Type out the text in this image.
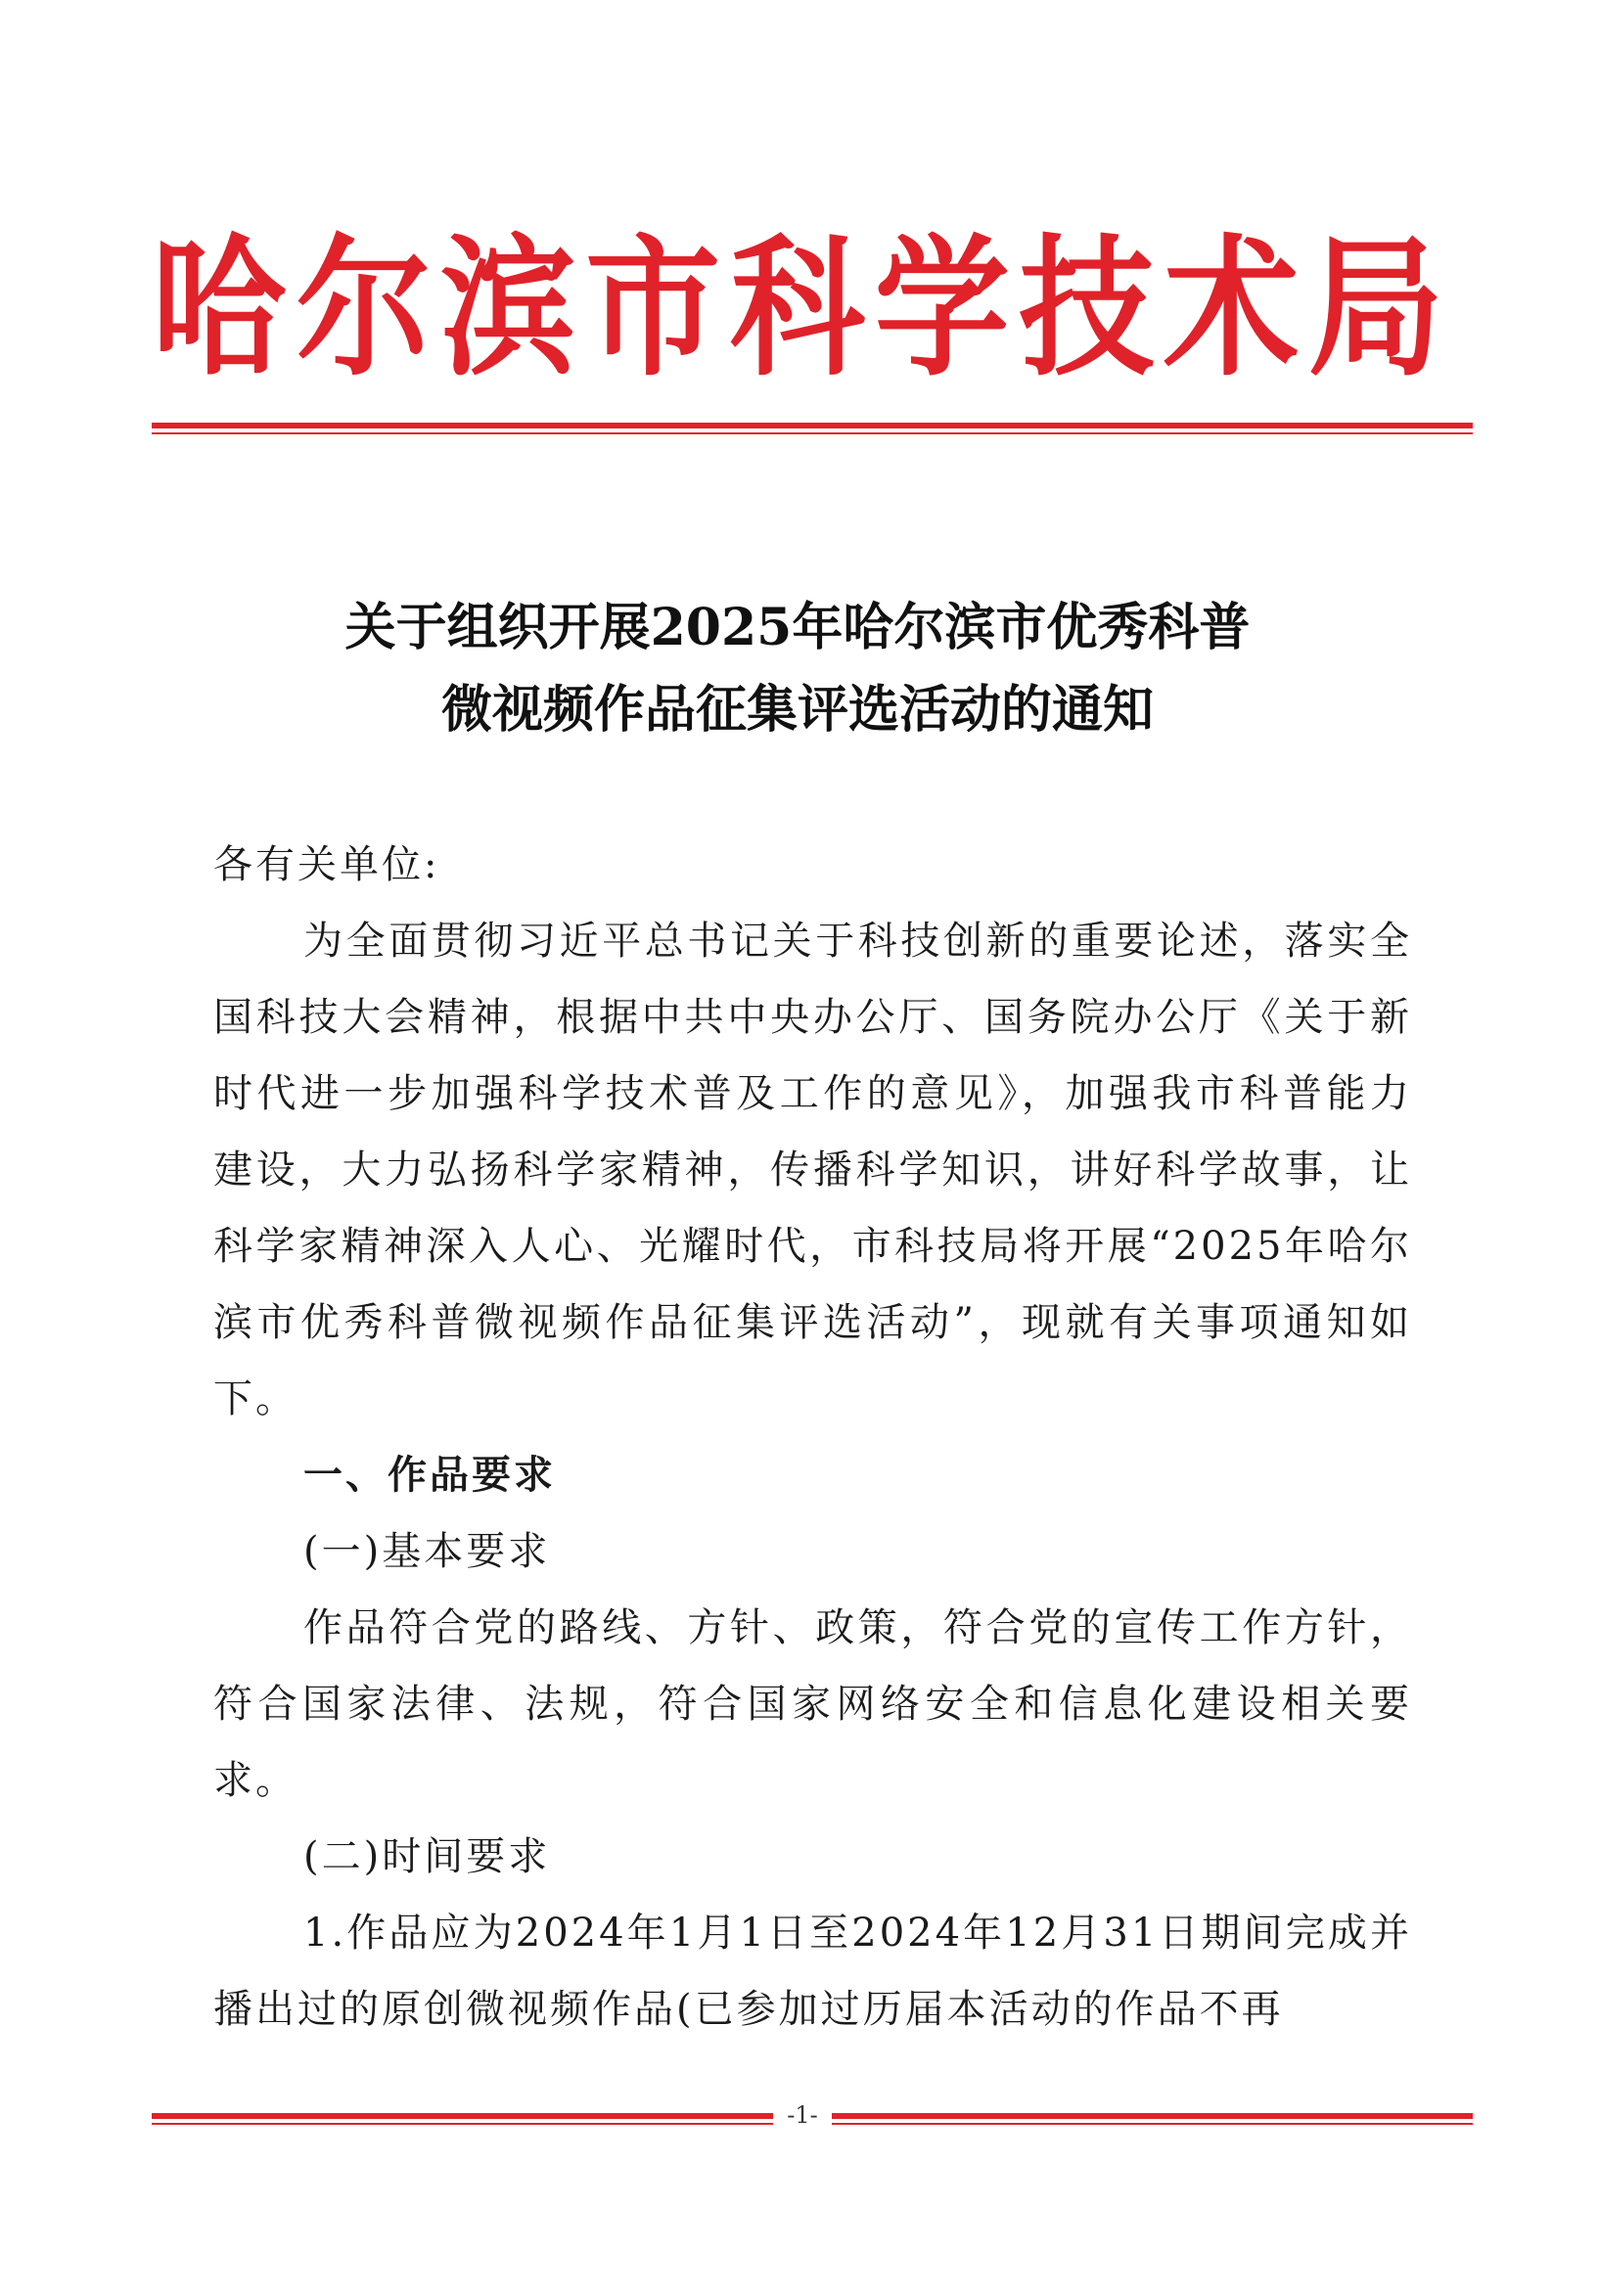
哈 尔 滨 市 科 学 技 术 局
关于组织开展2025年哈尔滨市优秀科普
微视频作品征集评选活动的通知

各有关单位:

为全面贯彻习近平总书记关于科技创新的重要论述，落实全国科技大会精神，根据中共中央办公厅、国务院办公厅《关于新时代进一步加强科学技术普及工作的意见》，加强我市科普能力建设，大力弘扬科学家精神，传播科学知识，讲好科学故事，让科学家精神深入人心、光耀时代，市科技局将开展“2025年哈尔滨市优秀科普微视频作品征集评选活动”，现就有关事项通知如下。

一、作品要求

(一)基本要求

作品符合党的路线、方针、政策，符合党的宣传工作方针，符合国家法律、法规，符合国家网络安全和信息化建设相关要求。

(二)时间要求

1.作品应为2024年1月1日至2024年12月31日期间完成并播出过的原创微视频作品(已参加过历届本活动的作品不再

-1-
